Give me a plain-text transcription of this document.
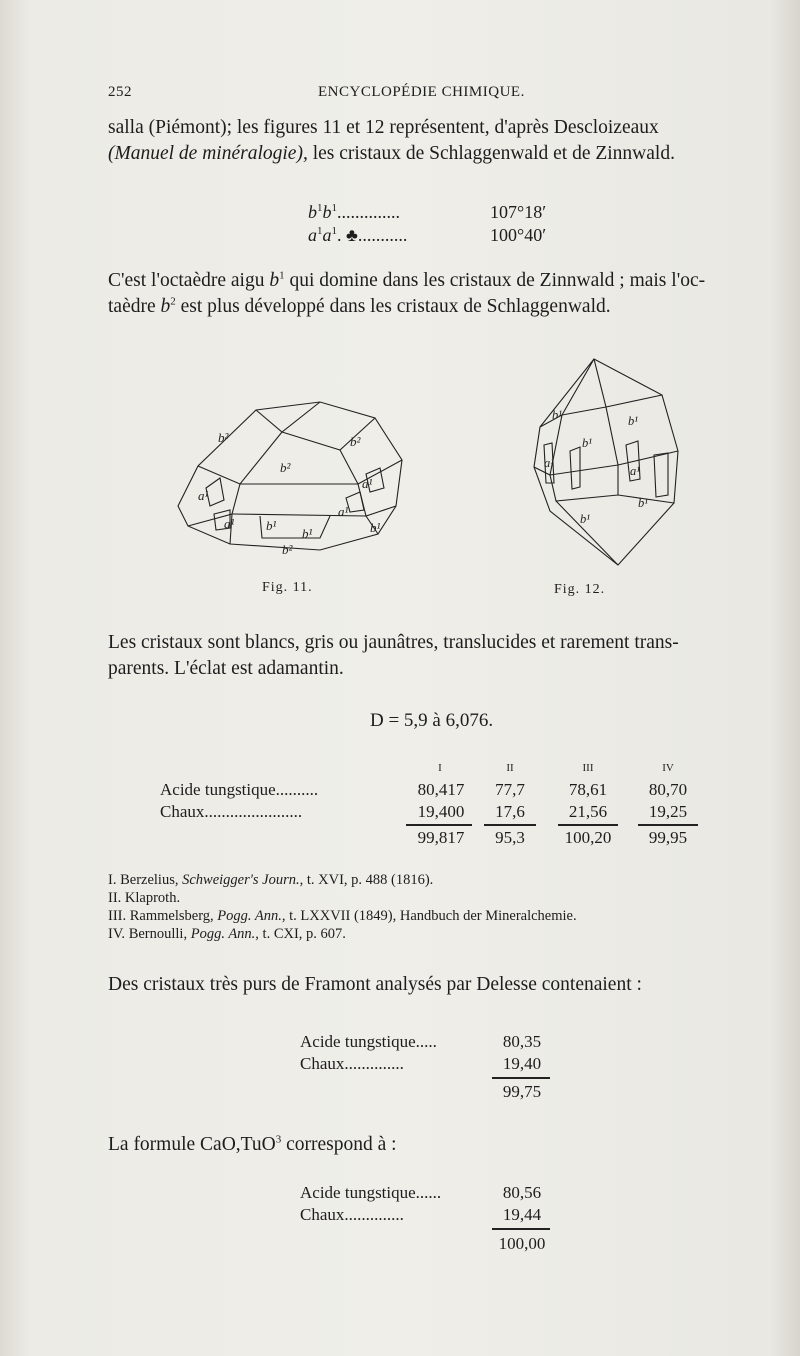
252	ENCYCLOPÉDIE CHIMIQUE.
salla (Piémont); les figures 11 et 12 représentent, d'après Descloizeaux
(Manuel de minéralogie), les cristaux de Schlaggenwald et de Zinnwald.
$b^1b^1$..............	107°18′
$a^1a^1$. ♣...........	100°40′
C'est l'octaèdre aigu $b^1$ qui domine dans les cristaux de Zinnwald ; mais l'oc-
taèdre $b^2$ est plus développé dans les cristaux de Schlaggenwald.
b²	b²
b²
a¹
a¹
a¹ b¹
b¹
b²
a¹
b¹
Fig. 11.
b¹	b¹
b¹
b¹
b¹
a¹
a¹
Fig. 12.
Les cristaux sont blancs, gris ou jaunâtres, translucides et rarement trans-
parents. L'éclat est adamantin.
D = 5,9 à 6,076.
I	II	III	IV
Acide tungstique..........	80,417	77,7	78,61	80,70
Chaux.......................	19,400	17,6	21,56	19,25
99,817	95,3	100,20	99,95
I. Berzelius, Schweigger's Journ., t. XVI, p. 488 (1816).
II. Klaproth.
III. Rammelsberg, Pogg. Ann., t. LXXVII (1849), Handbuch der Mineralchemie.
IV. Bernoulli, Pogg. Ann., t. CXI, p. 607.
Des cristaux très purs de Framont analysés par Delesse contenaient :
Acide tungstique.....	80,35
Chaux..............	19,40
99,75
La formule CaO,TuO$^3$ correspond à :
Acide tungstique......	80,56
Chaux..............	19,44
100,00
